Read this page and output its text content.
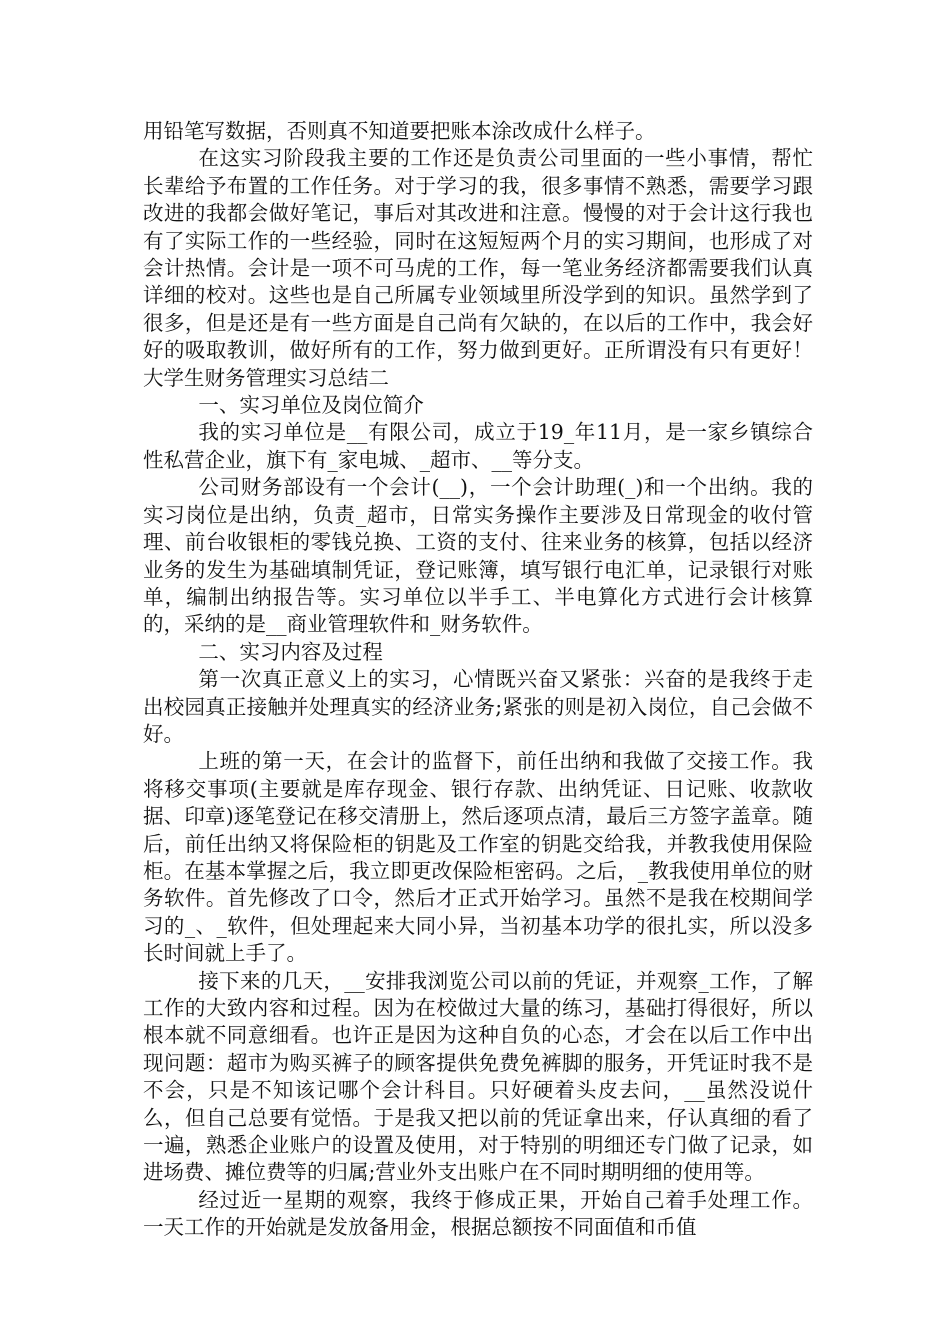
用铅笔写数据，否则真不知道要把账本涂改成什么样子。

在这实习阶段我主要的工作还是负责公司里面的一些小事情，帮忙长辈给予布置的工作任务。对于学习的我，很多事情不熟悉，需要学习跟改进的我都会做好笔记，事后对其改进和注意。慢慢的对于会计这行我也有了实际工作的一些经验，同时在这短短两个月的实习期间，也形成了对会计热情。会计是一项不可马虎的工作，每一笔业务经济都需要我们认真详细的校对。这些也是自己所属专业领域里所没学到的知识。虽然学到了很多，但是还是有一些方面是自己尚有欠缺的，在以后的工作中，我会好好的吸取教训，做好所有的工作，努力做到更好。正所谓没有只有更好！　　大学生财务管理实习总结二

一、实习单位及岗位简介

我的实习单位是__有限公司，成立于19_年11月，是一家乡镇综合性私营企业，旗下有_家电城、_超市、__等分支。

公司财务部设有一个会计(__)，一个会计助理(_)和一个出纳。我的实习岗位是出纳，负责_超市，日常实务操作主要涉及日常现金的收付管理、前台收银柜的零钱兑换、工资的支付、往来业务的核算，包括以经济业务的发生为基础填制凭证，登记账簿，填写银行电汇单，记录银行对账单，编制出纳报告等。实习单位以半手工、半电算化方式进行会计核算的，采纳的是__商业管理软件和_财务软件。

二、实习内容及过程

第一次真正意义上的实习，心情既兴奋又紧张：兴奋的是我终于走出校园真正接触并处理真实的经济业务;紧张的则是初入岗位，自己会做不好。

上班的第一天，在会计的监督下，前任出纳和我做了交接工作。我将移交事项(主要就是库存现金、银行存款、出纳凭证、日记账、收款收据、印章)逐笔登记在移交清册上，然后逐项点清，最后三方签字盖章。随后，前任出纳又将保险柜的钥匙及工作室的钥匙交给我，并教我使用保险柜。在基本掌握之后，我立即更改保险柜密码。之后，_教我使用单位的财务软件。首先修改了口令，然后才正式开始学习。虽然不是我在校期间学习的_、_软件，但处理起来大同小异，当初基本功学的很扎实，所以没多长时间就上手了。

接下来的几天，__安排我浏览公司以前的凭证，并观察_工作，了解工作的大致内容和过程。因为在校做过大量的练习，基础打得很好，所以根本就不同意细看。也许正是因为这种自负的心态，才会在以后工作中出现问题：超市为购买裤子的顾客提供免费免裤脚的服务，开凭证时我不是不会，只是不知该记哪个会计科目。只好硬着头皮去问，__虽然没说什么，但自己总要有觉悟。于是我又把以前的凭证拿出来，仔认真细的看了一遍，熟悉企业账户的设置及使用，对于特别的明细还专门做了记录，如进场费、摊位费等的归属;营业外支出账户在不同时期明细的使用等。

经过近一星期的观察，我终于修成正果，开始自己着手处理工作。一天工作的开始就是发放备用金，根据总额按不同面值和币值
